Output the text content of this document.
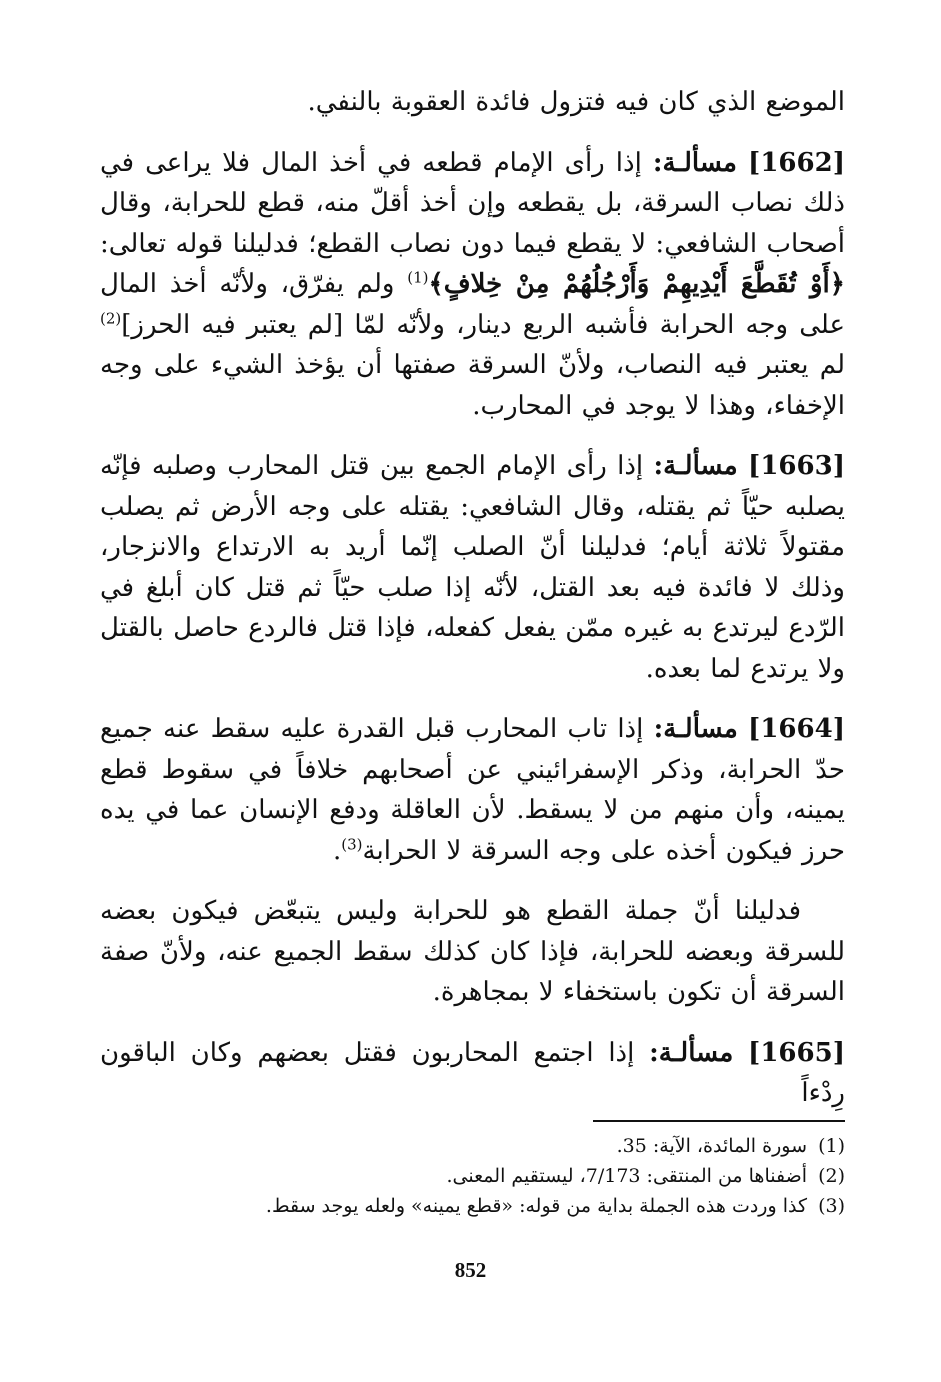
الموضع الذي كان فيه فتزول فائدة العقوبة بالنفي.

[1662] مسألـة: إذا رأى الإمام قطعه في أخذ المال فلا يراعى في ذلك نصاب السرقة، بل يقطعه وإن أخذ أقلّ منه، قطع للحرابة، وقال أصحاب الشافعي: لا يقطع فيما دون نصاب القطع؛ فدليلنا قوله تعالى: ﴿أَوْ تُقَطَّعَ أَيْدِيهِمْ وَأَرْجُلُهُمْ مِنْ خِلافٍ﴾$^{(1)}$ ولم يفرّق، ولأنّه أخذ المال على وجه الحرابة فأشبه الربع دينار، ولأنّه لمّا [لم يعتبر فيه الحرز]$^{(2)}$ لم يعتبر فيه النصاب، ولأنّ السرقة صفتها أن يؤخذ الشيء على وجه الإخفاء، وهذا لا يوجد في المحارب.

[1663] مسألـة: إذا رأى الإمام الجمع بين قتل المحارب وصلبه فإنّه يصلبه حيّاً ثم يقتله، وقال الشافعي: يقتله على وجه الأرض ثم يصلب مقتولاً ثلاثة أيام؛ فدليلنا أنّ الصلب إنّما أريد به الارتداع والانزجار، وذلك لا فائدة فيه بعد القتل، لأنّه إذا صلب حيّاً ثم قتل كان أبلغ في الرّدع ليرتدع به غيره ممّن يفعل كفعله، فإذا قتل فالردع حاصل بالقتل ولا يرتدع لما بعده.

[1664] مسألـة: إذا تاب المحارب قبل القدرة عليه سقط عنه جميع حدّ الحرابة، وذكر الإسفرائيني عن أصحابهم خلافاً في سقوط قطع يمينه، وأن منهم من لا يسقط. لأن العاقلة ودفع الإنسان عما في يده حرز فيكون أخذه على وجه السرقة لا الحرابة$^{(3)}$.

فدليلنا أنّ جملة القطع هو للحرابة وليس يتبعّض فيكون بعضه للسرقة وبعضه للحرابة، فإذا كان كذلك سقط الجميع عنه، ولأنّ صفة السرقة أن تكون باستخفاء لا بمجاهرة.

[1665] مسألـة: إذا اجتمع المحاربون فقتل بعضهم وكان الباقون رِدْءاً

(1)
سورة المائدة، الآية: 35.
(2)
أضفناها من المنتقى: 7/173، ليستقيم المعنى.
(3)
كذا وردت هذه الجملة بداية من قوله: «قطع يمينه» ولعله يوجد سقط.
852
